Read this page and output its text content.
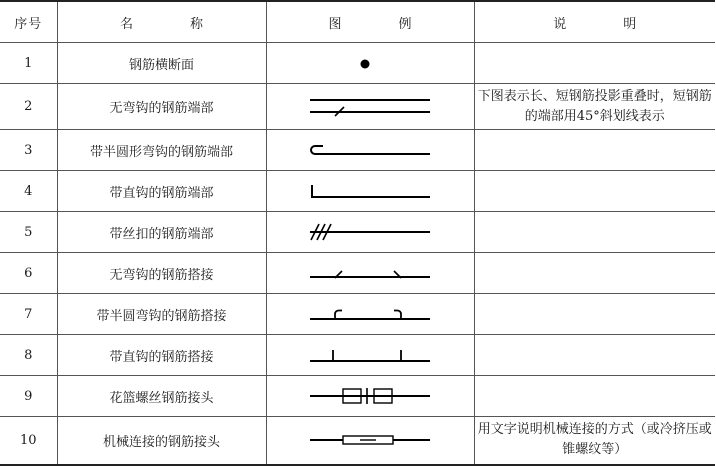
序号	名　称	图　例	说　明
1	钢筋横断面	

2	无弯钩的钢筋端部		下图表示长、短钢筋投影重叠时，短钢筋的端部用45°斜划线表示
3	带半圆形弯钩的钢筋端部	

4	带直钩的钢筋端部	

5	带丝扣的钢筋端部	

6	无弯钩的钢筋搭接	

7	带半圆弯钩的钢筋搭接	

8	带直钩的钢筋搭接	

9	花篮螺丝钢筋接头	

10	机械连接的钢筋接头		用文字说明机械连接的方式（或冷挤压或锥螺纹等）
